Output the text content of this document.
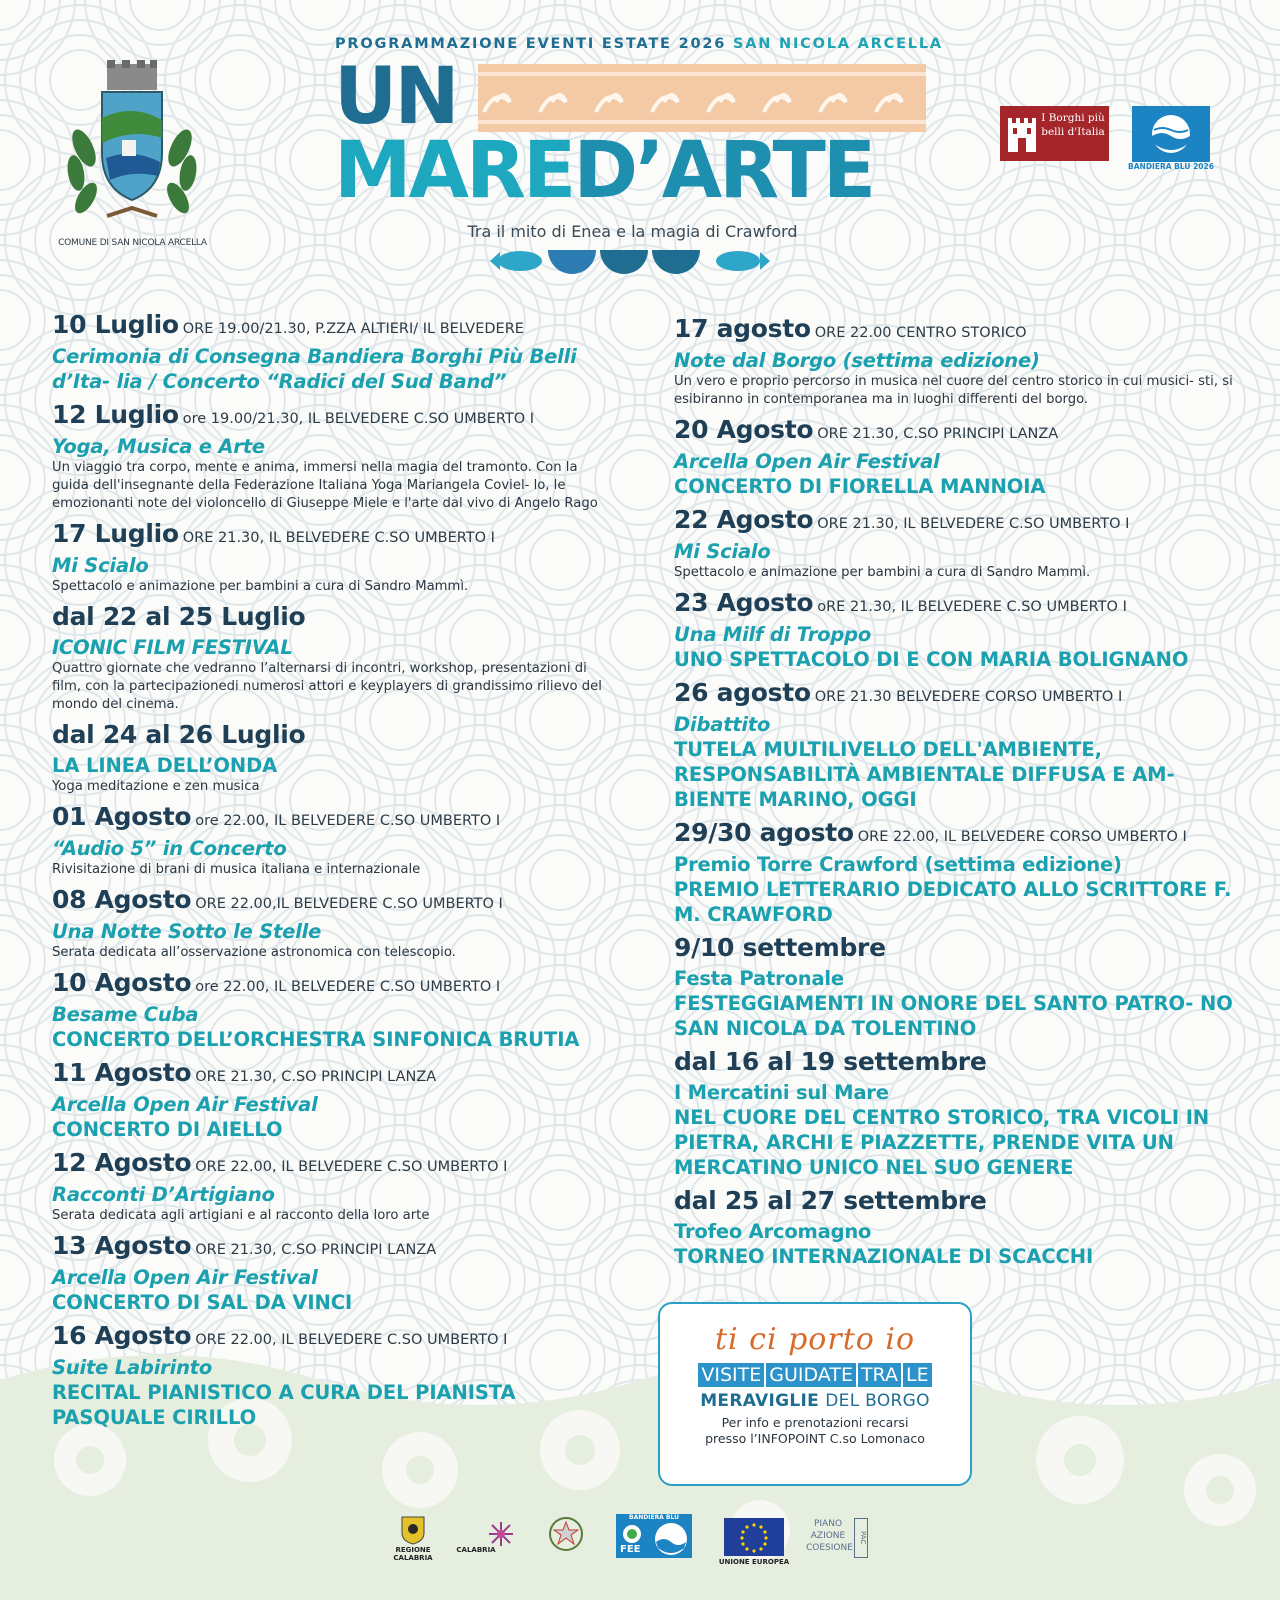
COMUNE DI SAN NICOLA ARCELLA
PROGRAMMAZIONE EVENTI ESTATE 2026 SAN NICOLA ARCELLA
UN
MARED’ARTE
Tra il mito di Enea e la magia di Crawford
I Borghi più belli d'Italia
BANDIERA BLU 2026
10 Luglio ORE 19.00/21.30, P.ZZA ALTIERI/ IL BELVEDERE
Cerimonia di Consegna Bandiera Borghi Più Belli d’Ita- lia / Concerto “Radici del Sud Band”
12 Luglio ore 19.00/21.30, IL BELVEDERE C.SO UMBERTO I
Yoga, Musica e Arte
Un viaggio tra corpo, mente e anima, immersi nella magia del tramonto. Con la guida dell'insegnante della Federazione Italiana Yoga Mariangela Coviel- lo, le emozionanti note del violoncello di Giuseppe Miele e l'arte dal vivo di Angelo Rago
17 Luglio ORE 21.30, IL BELVEDERE C.SO UMBERTO I
Mi Scialo
Spettacolo e animazione per bambini a cura di Sandro Mammì.
dal 22 al 25 Luglio
ICONIC FILM FESTIVAL
Quattro giornate che vedranno l’alternarsi di incontri, workshop, presentazioni di film, con la partecipazionedi numerosi attori e keyplayers di grandissimo rilievo del mondo del cinema.
dal 24 al 26 Luglio
LA LINEA DELL’ONDA
Yoga meditazione e zen musica
01 Agosto ore 22.00, IL BELVEDERE C.SO UMBERTO I
“Audio 5” in Concerto
Rivisitazione di brani di musica italiana e internazionale
08 Agosto ORE 22.00,IL BELVEDERE C.SO UMBERTO I
Una Notte Sotto le Stelle
Serata dedicata all’osservazione astronomica con telescopio.
10 Agosto ore 22.00, IL BELVEDERE C.SO UMBERTO I
Besame Cuba
CONCERTO DELL’ORCHESTRA SINFONICA BRUTIA
11 Agosto ORE 21.30, C.SO PRINCIPI LANZA
Arcella Open Air Festival
CONCERTO DI AIELLO
12 Agosto ORE 22.00, IL BELVEDERE C.SO UMBERTO I
Racconti D’Artigiano
Serata dedicata agli artigiani e al racconto della loro arte
13 Agosto ORE 21.30, C.SO PRINCIPI LANZA
Arcella Open Air Festival
CONCERTO DI SAL DA VINCI
16 Agosto ORE 22.00, IL BELVEDERE C.SO UMBERTO I
Suite Labirinto
RECITAL PIANISTICO A CURA DEL PIANISTA PASQUALE CIRILLO
17 agosto ORE 22.00 CENTRO STORICO
Note dal Borgo (settima edizione)
Un vero e proprio percorso in musica nel cuore del centro storico in cui musici- sti, si esibiranno in contemporanea ma in luoghi differenti del borgo.
20 Agosto ORE 21.30, C.SO PRINCIPI LANZA
Arcella Open Air Festival
CONCERTO DI FIORELLA MANNOIA
22 Agosto ORE 21.30, IL BELVEDERE C.SO UMBERTO I
Mi Scialo
Spettacolo e animazione per bambini a cura di Sandro Mammì.
23 Agosto oRE 21.30, IL BELVEDERE C.SO UMBERTO I
Una Milf di Troppo
UNO SPETTACOLO DI E CON MARIA BOLIGNANO
26 agosto ORE 21.30 BELVEDERE CORSO UMBERTO I
Dibattito
TUTELA MULTILIVELLO DELL'AMBIENTE, RESPONSABILITÀ AMBIENTALE DIFFUSA E AM- BIENTE MARINO, OGGI
29/30 agosto ORE 22.00, IL BELVEDERE CORSO UMBERTO I
Premio Torre Crawford (settima edizione)
PREMIO LETTERARIO DEDICATO ALLO SCRITTORE F. M. CRAWFORD
9/10 settembre
Festa Patronale
FESTEGGIAMENTI IN ONORE DEL SANTO PATRO- NO SAN NICOLA DA TOLENTINO
dal 16 al 19 settembre
I Mercatini sul Mare
NEL CUORE DEL CENTRO STORICO, TRA VICOLI IN PIETRA, ARCHI E PIAZZETTE, PRENDE VITA UN MERCATINO UNICO NEL SUO GENERE
dal 25 al 27 settembre
Trofeo Arcomagno
TORNEO INTERNAZIONALE DI SCACCHI
ti ci porto io
VISITE GUIDATE TRA LE
MERAVIGLIE DEL BORGO
Per info e prenotazioni recarsi
presso l’INFOPOINT C.so Lomonaco
REGIONE CALABRIA
CALABRIA
BANDIERA BLU
FEE
UNIONE EUROPEA
PIANO
AZIONE
COESIONE
PAC
